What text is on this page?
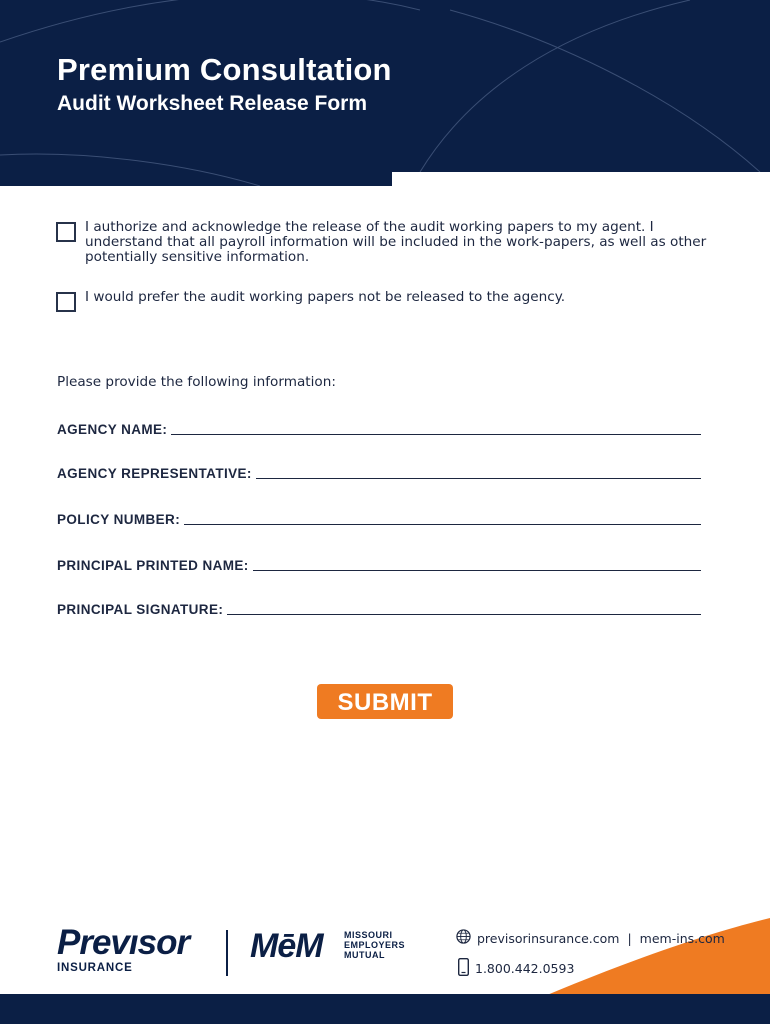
Premium Consultation
Audit Worksheet Release Form
I authorize and acknowledge the release of the audit working papers to my agent. I understand that all payroll information will be included in the work-papers, as well as other potentially sensitive information.
I would prefer the audit working papers not be released to the agency.
Please provide the following information:
AGENCY NAME:
AGENCY REPRESENTATIVE:
POLICY NUMBER:
PRINCIPAL PRINTED NAME:
PRINCIPAL SIGNATURE:
SUBMIT
Prevısor
INSURANCE
MēM MISSOURI
EMPLOYERS
MUTUAL
previsorinsurance.com | mem-ins.com
1.800.442.0593
